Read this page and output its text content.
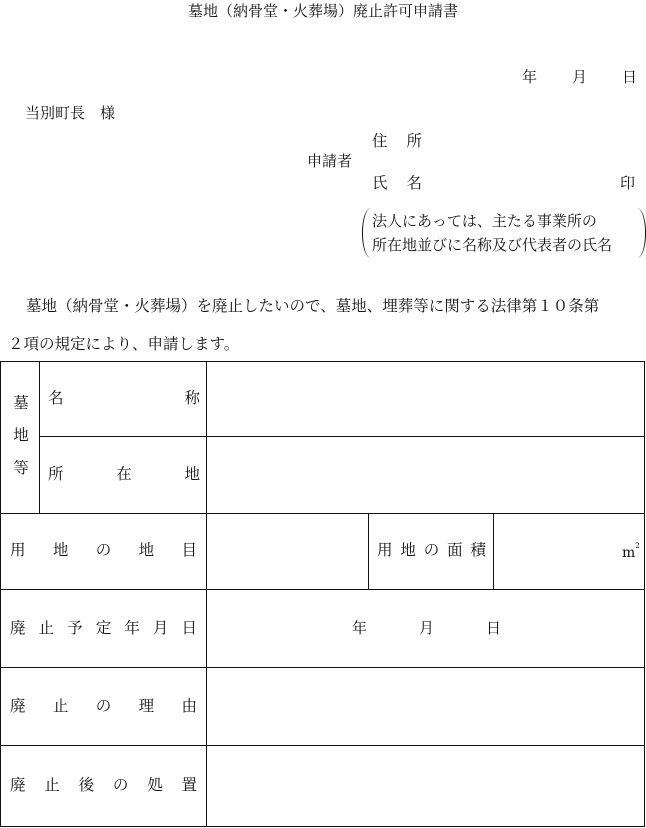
墓地（納骨堂・火葬場）廃止許可申請書
年 月 日
当別町長　様
申請者
住 所
氏 名	印
法人にあっては、主たる事業所の
所在地並びに名称及び代表者の氏名
墓地（納骨堂・火葬場）を廃止したいので、墓地、埋葬等に関する法律第１０条第
２項の規定により、申請します。
墓
地
等
名	称
所	在	地
用 地 の 地 目	用 地 の 面 積	$m^2$
廃 止 予 定 年 月 日	年	月	日
廃 止 の 理 由
廃 止 後 の 処 置
